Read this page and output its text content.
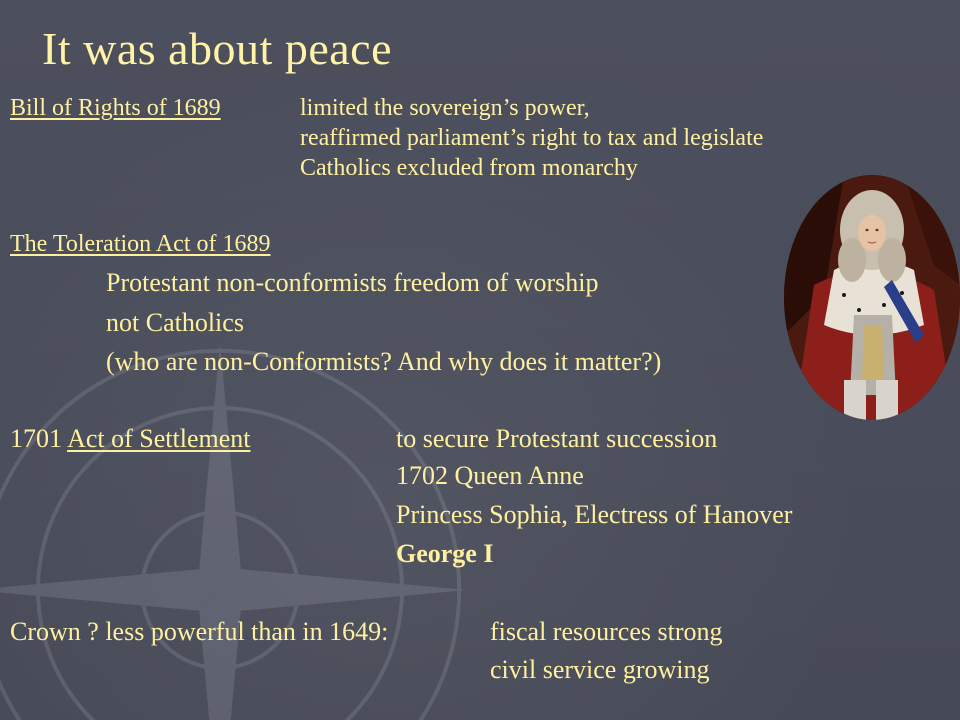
It was about peace
Bill of Rights of 1689	limited the sovereign’s power,
reaffirmed parliament’s right to tax and legislate
Catholics excluded from monarchy
The Toleration Act of 1689
Protestant non-conformists freedom of worship
not Catholics
(who are non-Conformists? And why does it matter?)
1701 Act of Settlement	to secure Protestant succession
1702 Queen Anne
Princess Sophia, Electress of Hanover
George I
Crown ? less powerful than in 1649:	fiscal resources strong
civil service growing
